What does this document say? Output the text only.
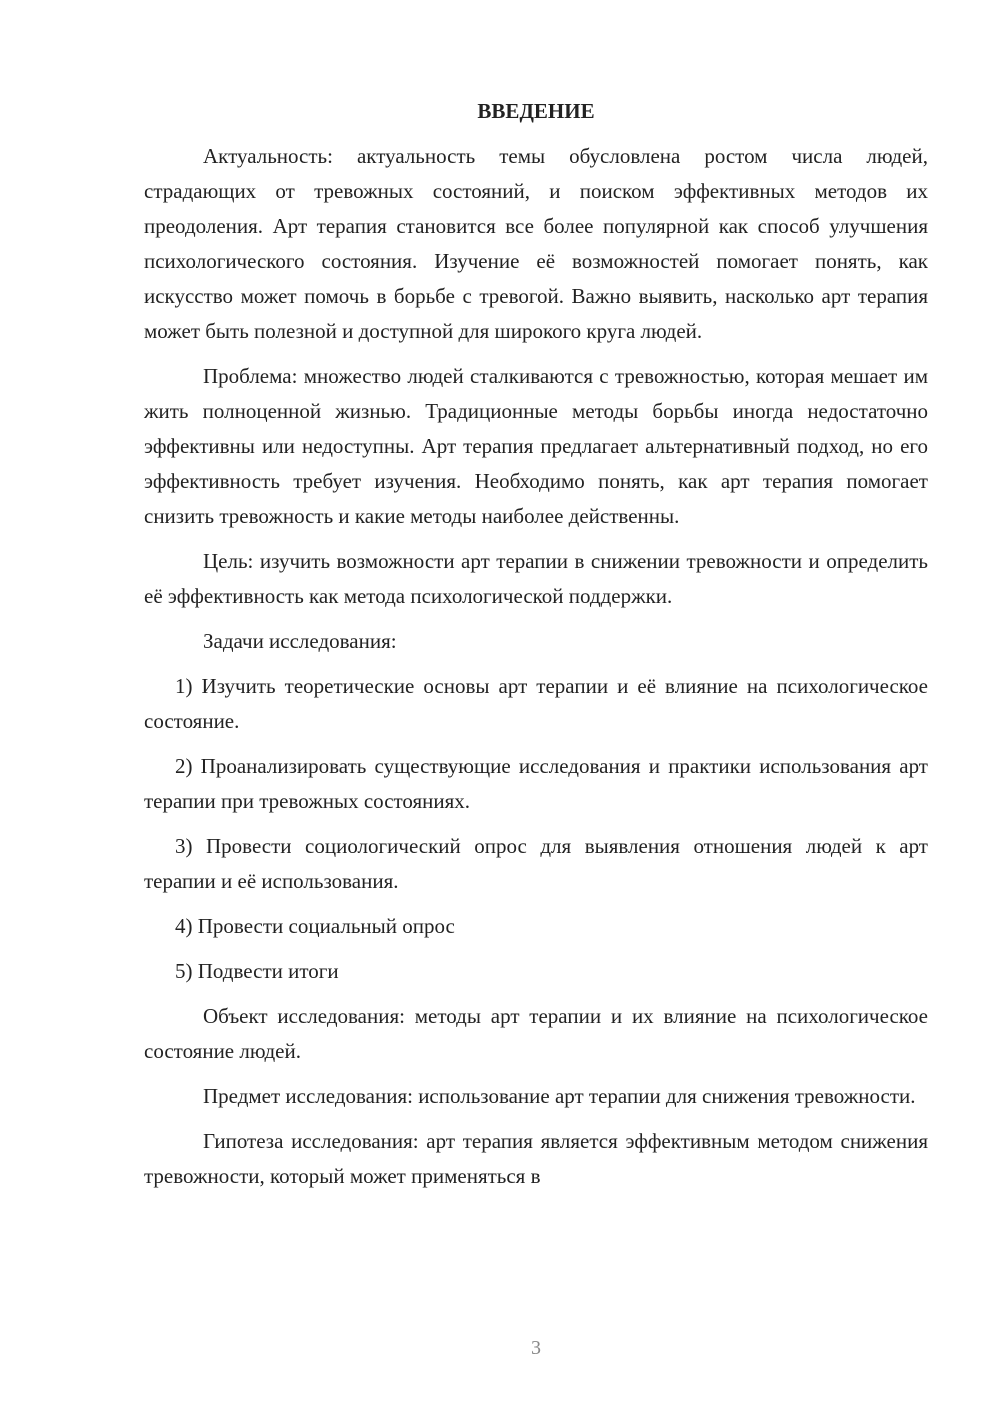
ВВЕДЕНИЕ

Актуальность: актуальность темы обусловлена ростом числа людей, страдающих от тревожных состояний, и поиском эффективных методов их преодоления. Арт терапия становится все более популярной как способ улучшения психологического состояния. Изучение её возможностей помогает понять, как искусство может помочь в борьбе с тревогой. Важно выявить, насколько арт терапия может быть полезной и доступной для широкого круга людей.

Проблема: множество людей сталкиваются с тревожностью, которая мешает им жить полноценной жизнью. Традиционные методы борьбы иногда недостаточно эффективны или недоступны. Арт терапия предлагает альтернативный подход, но его эффективность требует изучения. Необходимо понять, как арт терапия помогает снизить тревожность и какие методы наиболее действенны.

Цель: изучить возможности арт терапии в снижении тревожности и определить её эффективность как метода психологической поддержки.

Задачи исследования:

1) Изучить теоретические основы арт терапии и её влияние на психологическое состояние.

2) Проанализировать существующие исследования и практики использования арт терапии при тревожных состояниях.

3) Провести социологический опрос для выявления отношения людей к арт терапии и её использования.

4) Провести социальный опрос

5) Подвести итоги

Объект исследования: методы арт терапии и их влияние на психологическое состояние людей.

Предмет исследования: использование арт терапии для снижения тревожности.

Гипотеза исследования: арт терапия является эффективным методом снижения тревожности, который может применяться в

3
